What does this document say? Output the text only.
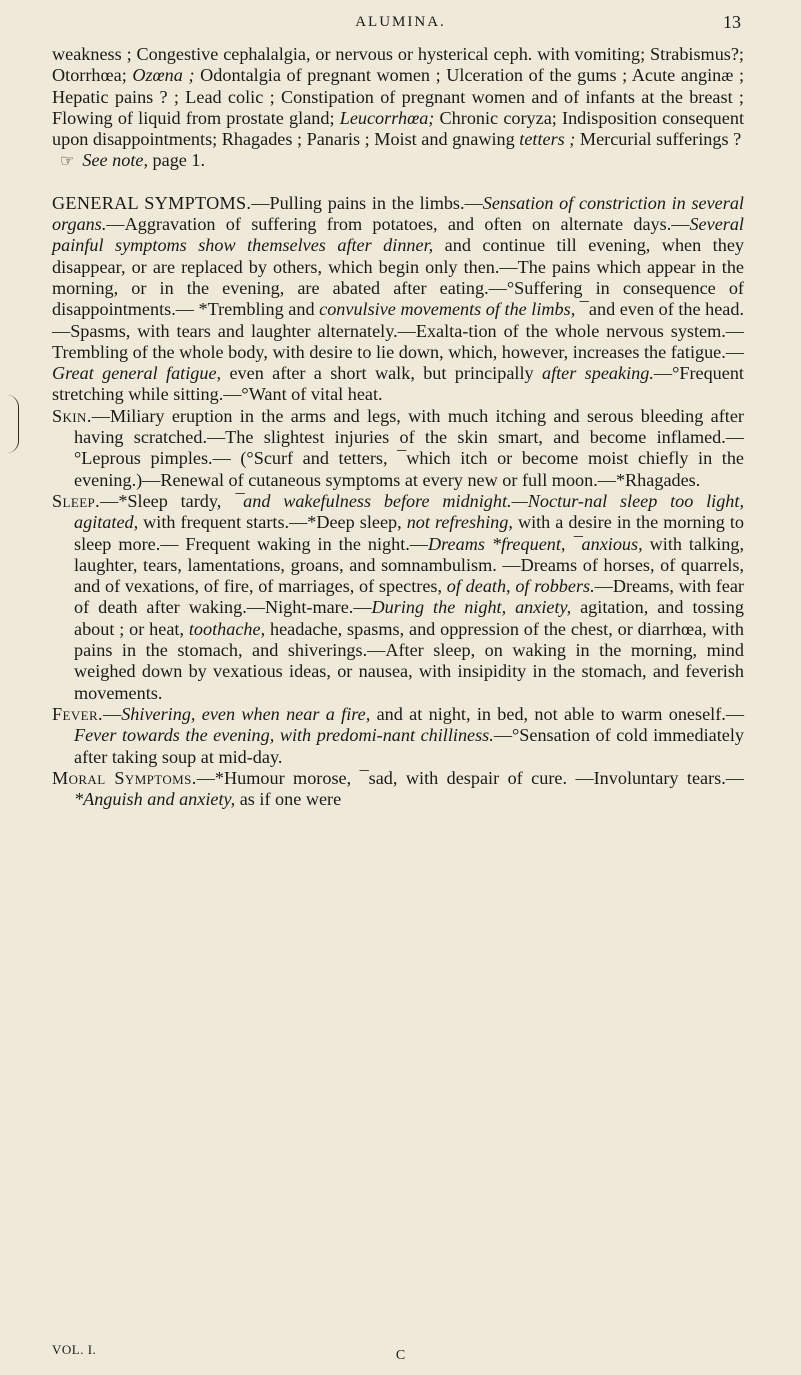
ALUMINA.	13

weakness ; Congestive cephalalgia, or nervous or hysterical ceph. with vomiting; Strabismus?; Otorrhœa; Ozœna ; Odontalgia of pregnant women ; Ulceration of the gums ; Acute anginæ ; Hepatic pains ? ; Lead colic ; Constipation of pregnant women and of infants at the breast ; Flowing of liquid from prostate gland; Leucorrhœa; Chronic coryza; Indisposition consequent upon disappointments; Rhagades ; Panaris ; Moist and gnawing tetters ; Mercurial sufferings ?

☞ See note, page 1.

GENERAL SYMPTOMS.—Pulling pains in the limbs.—Sensation of constriction in several organs.—Aggravation of suffering from potatoes, and often on alternate days.—Several painful symptoms show themselves after dinner, and continue till evening, when they disappear, or are replaced by others, which begin only then.—The pains which appear in the morning, or in the evening, are abated after eating.—°Suffering in consequence of disappointments.— *Trembling and convulsive movements of the limbs, ¯and even of the head.—Spasms, with tears and laughter alternately.—Exalta-tion of the whole nervous system.—Trembling of the whole body, with desire to lie down, which, however, increases the fatigue.— Great general fatigue, even after a short walk, but principally after speaking.—°Frequent stretching while sitting.—°Want of vital heat.

Skin.—Miliary eruption in the arms and legs, with much itching and serous bleeding after having scratched.—The slightest injuries of the skin smart, and become inflamed.—°Leprous pimples.— (°Scurf and tetters, ¯which itch or become moist chiefly in the evening.)—Renewal of cutaneous symptoms at every new or full moon.—*Rhagades.

Sleep.—*Sleep tardy, ¯and wakefulness before midnight.—Noctur-nal sleep too light, agitated, with frequent starts.—*Deep sleep, not refreshing, with a desire in the morning to sleep more.— Frequent waking in the night.—Dreams *frequent, ¯anxious, with talking, laughter, tears, lamentations, groans, and somnambulism. —Dreams of horses, of quarrels, and of vexations, of fire, of marriages, of spectres, of death, of robbers.—Dreams, with fear of death after waking.—Night-mare.—During the night, anxiety, agitation, and tossing about ; or heat, toothache, headache, spasms, and oppression of the chest, or diarrhœa, with pains in the stomach, and shiverings.—After sleep, on waking in the morning, mind weighed down by vexatious ideas, or nausea, with insipidity in the stomach, and feverish movements.

Fever.—Shivering, even when near a fire, and at night, in bed, not able to warm oneself.—Fever towards the evening, with predomi-nant chilliness.—°Sensation of cold immediately after taking soup at mid-day.

Moral Symptoms.—*Humour morose, ¯sad, with despair of cure. —Involuntary tears.—*Anguish and anxiety, as if one were

VOL. I.	C
